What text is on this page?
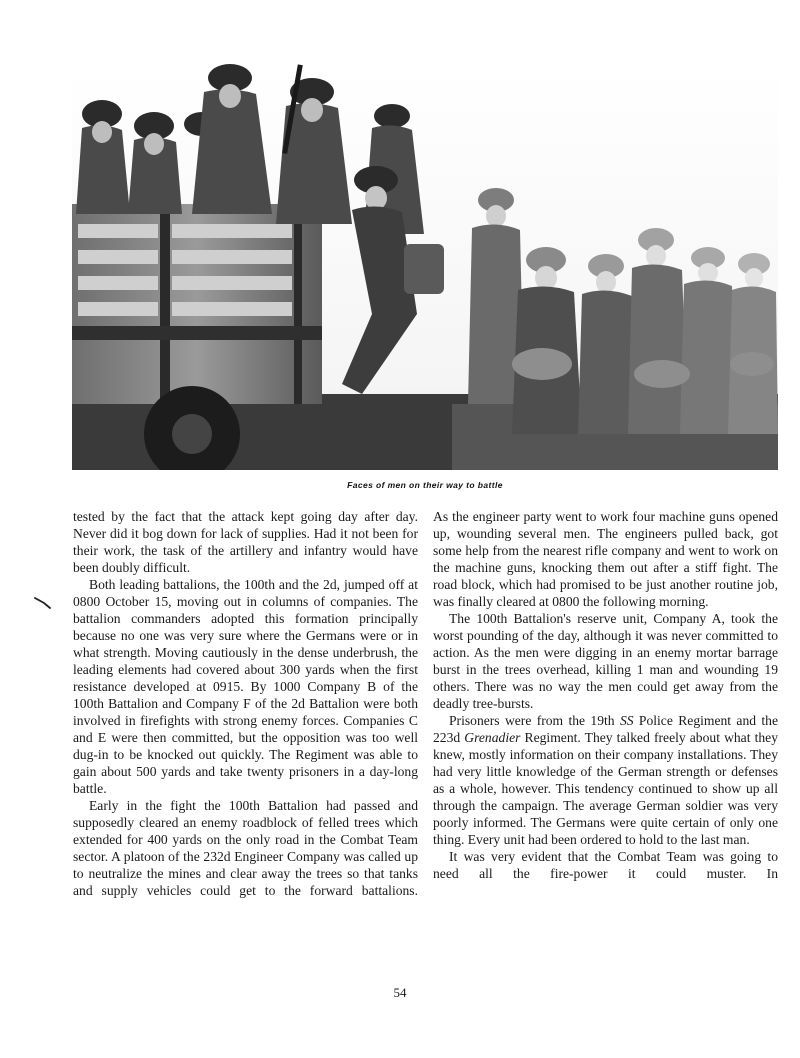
Faces of men on their way to battle

tested by the fact that the attack kept going day after day. Never did it bog down for lack of supplies. Had it not been for their work, the task of the artillery and infantry would have been doubly difficult.

Both leading battalions, the 100th and the 2d, jumped off at 0800 October 15, moving out in columns of companies. The battalion commanders adopted this formation principally because no one was very sure where the Germans were or in what strength. Moving cautiously in the dense underbrush, the leading elements had covered about 300 yards when the first resistance developed at 0915. By 1000 Company B of the 100th Battalion and Company F of the 2d Battalion were both involved in firefights with strong enemy forces. Companies C and E were then committed, but the opposition was too well dug-in to be knocked out quickly. The Regiment was able to gain about 500 yards and take twenty prisoners in a day-long battle.

Early in the fight the 100th Battalion had passed and supposedly cleared an enemy roadblock of felled trees which extended for 400 yards on the only road in the Combat Team sector. A platoon of the 232d Engineer Company was called up to neutralize the mines and clear away the trees so that tanks and supply vehicles could get to the forward battalions.

As the engineer party went to work four machine guns opened up, wounding several men. The engineers pulled back, got some help from the nearest rifle company and went to work on the machine guns, knocking them out after a stiff fight. The road block, which had promised to be just another routine job, was finally cleared at 0800 the following morning.

The 100th Battalion's reserve unit, Company A, took the worst pounding of the day, although it was never committed to action. As the men were digging in an enemy mortar barrage burst in the trees overhead, killing 1 man and wounding 19 others. There was no way the men could get away from the deadly tree-bursts.

Prisoners were from the 19th SS Police Regiment and the 223d Grenadier Regiment. They talked freely about what they knew, mostly information on their company installations. They had very little knowledge of the German strength or defenses as a whole, however. This tendency continued to show up all through the campaign. The average German soldier was very poorly informed. The Germans were quite certain of only one thing. Every unit had been ordered to hold to the last man.

It was very evident that the Combat Team was going to need all the fire-power it could muster. In

54
